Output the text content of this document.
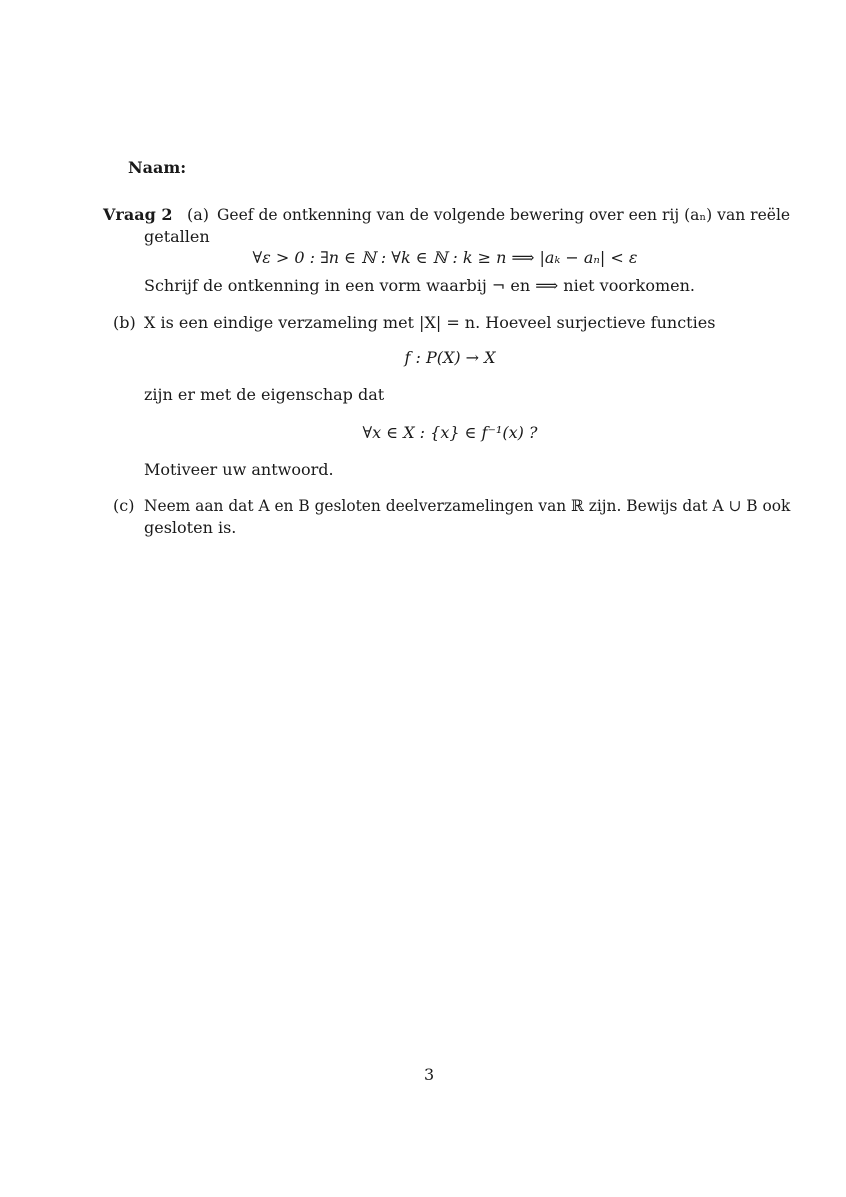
Naam:
Vraag 2 (a) Geef de ontkenning van de volgende bewering over een rij (aₙ) van reële
getallen
∀ε > 0 : ∃n ∈ ℕ : ∀k ∈ ℕ : k ≥ n ⟹ |aₖ − aₙ| < ε
Schrijf de ontkenning in een vorm waarbij ¬ en ⟹ niet voorkomen.
(b) X is een eindige verzameling met |X| = n. Hoeveel surjectieve functies
f : P(X) → X
zijn er met de eigenschap dat
∀x ∈ X : {x} ∈ f⁻¹(x) ?
Motiveer uw antwoord.
(c) Neem aan dat A en B gesloten deelverzamelingen van ℝ zijn. Bewijs dat A ∪ B ook
gesloten is.
3
